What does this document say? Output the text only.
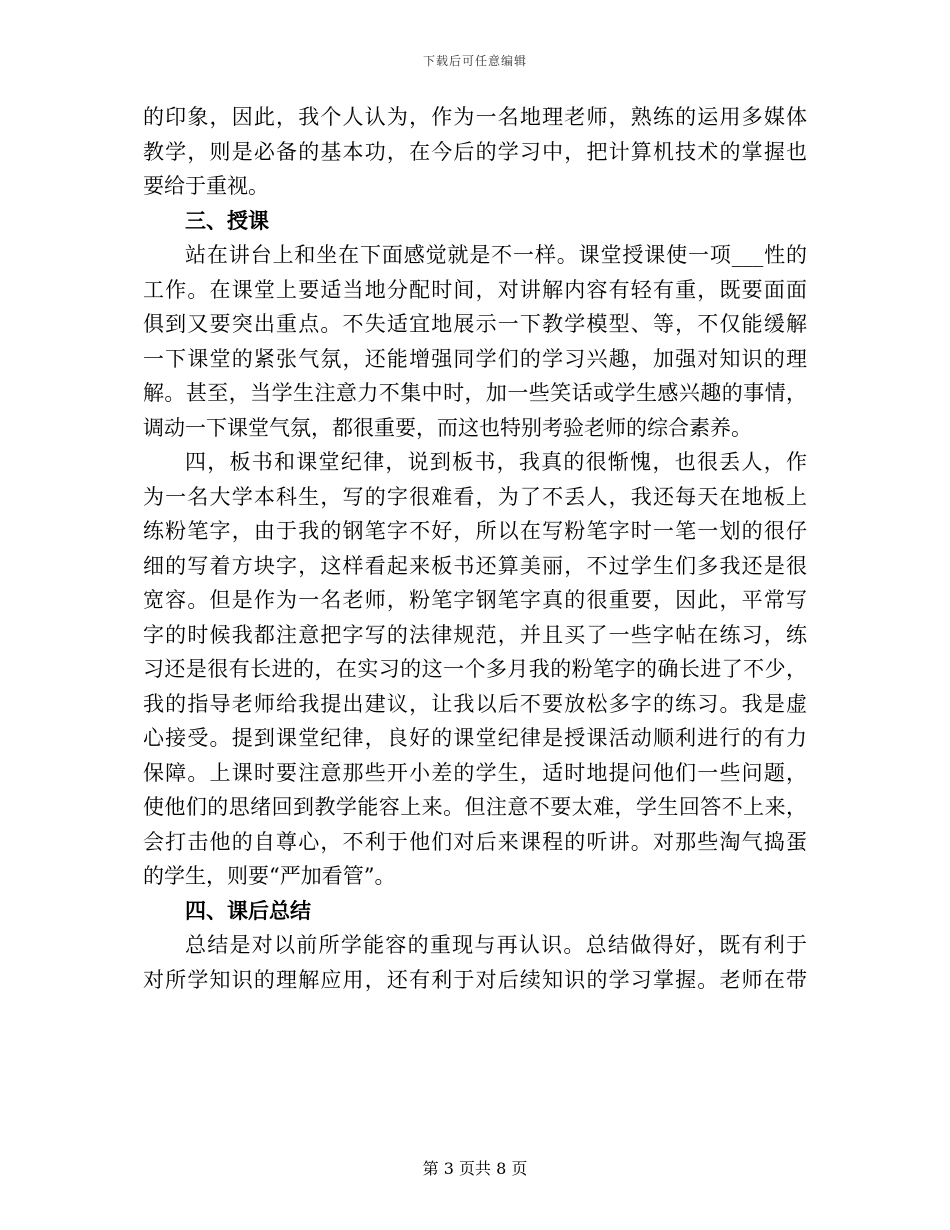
下载后可任意编辑
的印象，因此，我个人认为，作为一名地理老师，熟练的运用多媒体
教学，则是必备的基本功，在今后的学习中，把计算机技术的掌握也
要给于重视。
三、授课
站在讲台上和坐在下面感觉就是不一样。课堂授课使一项___性的
工作。在课堂上要适当地分配时间，对讲解内容有轻有重，既要面面
俱到又要突出重点。不失适宜地展示一下教学模型、等，不仅能缓解
一下课堂的紧张气氛，还能增强同学们的学习兴趣，加强对知识的理
解。甚至，当学生注意力不集中时，加一些笑话或学生感兴趣的事情，
调动一下课堂气氛，都很重要，而这也特别考验老师的综合素养。
四，板书和课堂纪律，说到板书，我真的很惭愧，也很丢人，作
为一名大学本科生，写的字很难看，为了不丢人，我还每天在地板上
练粉笔字，由于我的钢笔字不好，所以在写粉笔字时一笔一划的很仔
细的写着方块字，这样看起来板书还算美丽，不过学生们多我还是很
宽容。但是作为一名老师，粉笔字钢笔字真的很重要，因此，平常写
字的时候我都注意把字写的法律规范，并且买了一些字帖在练习，练
习还是很有长进的，在实习的这一个多月我的粉笔字的确长进了不少，
我的指导老师给我提出建议，让我以后不要放松多字的练习。我是虚
心接受。提到课堂纪律，良好的课堂纪律是授课活动顺利进行的有力
保障。上课时要注意那些开小差的学生，适时地提问他们一些问题，
使他们的思绪回到教学能容上来。但注意不要太难，学生回答不上来，
会打击他的自尊心，不利于他们对后来课程的听讲。对那些淘气捣蛋
的学生，则要“严加看管”。
四、课后总结
总结是对以前所学能容的重现与再认识。总结做得好，既有利于
对所学知识的理解应用，还有利于对后续知识的学习掌握。老师在带
第 3 页共 8 页
